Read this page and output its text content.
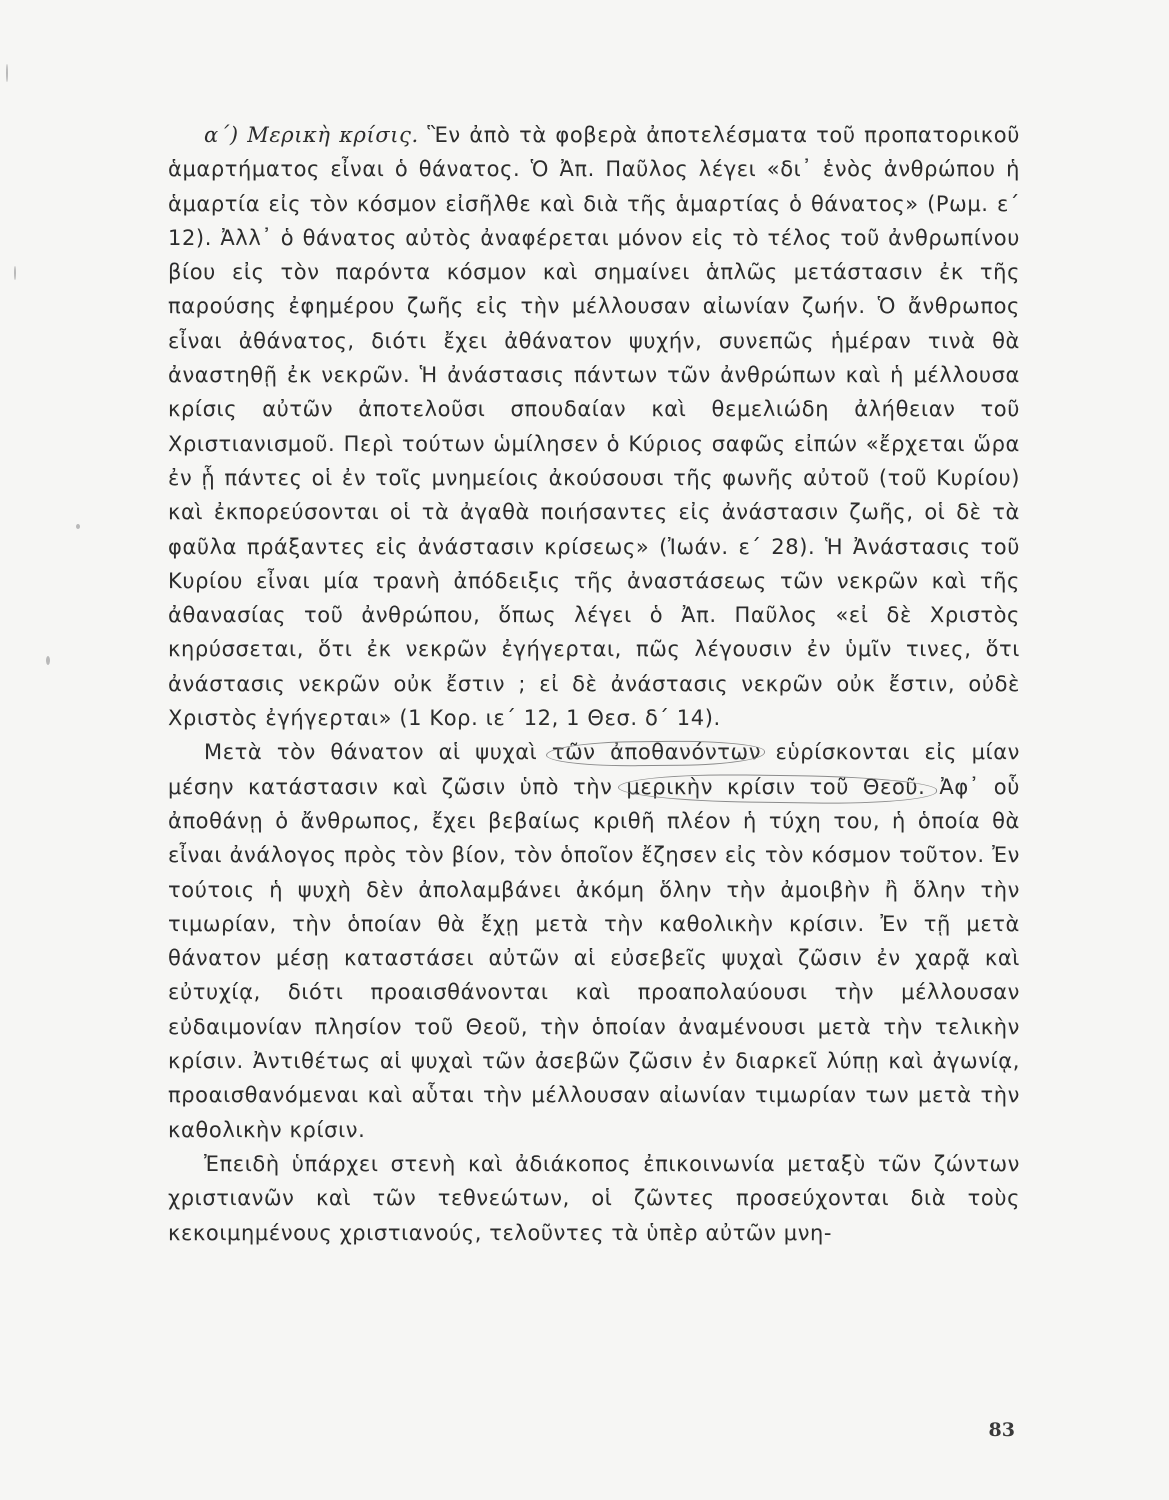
α΄) Μερικὴ κρίσις. Ἓν ἀπὸ τὰ φοβερὰ ἀποτελέσματα τοῦ προπατορικοῦ ἁμαρτήματος εἶναι ὁ θάνατος. Ὁ Ἀπ. Παῦλος λέγει «δι᾿ ἑνὸς ἀνθρώπου ἡ ἁμαρτία εἰς τὸν κόσμον εἰσῆλθε καὶ διὰ τῆς ἁμαρτίας ὁ θάνατος» (Ρωμ. ε΄ 12). Ἀλλ᾿ ὁ θάνατος αὐτὸς ἀναφέρεται μόνον εἰς τὸ τέλος τοῦ ἀνθρωπίνου βίου εἰς τὸν παρόντα κόσμον καὶ σημαίνει ἁπλῶς μετάστασιν ἐκ τῆς παρούσης ἐφημέρου ζωῆς εἰς τὴν μέλλουσαν αἰωνίαν ζωήν. Ὁ ἄνθρωπος εἶναι ἀθάνατος, διότι ἔχει ἀθάνατον ψυχήν, συνεπῶς ἡμέραν τινὰ θὰ ἀναστηθῇ ἐκ νεκρῶν. Ἡ ἀνάστασις πάντων τῶν ἀνθρώπων καὶ ἡ μέλλουσα κρίσις αὐτῶν ἀποτελοῦσι σπουδαίαν καὶ θεμελιώδη ἀλήθειαν τοῦ Χριστιανισμοῦ. Περὶ τούτων ὡμίλησεν ὁ Κύριος σαφῶς εἰπών «ἔρχεται ὥρα ἐν ᾗ πάντες οἱ ἐν τοῖς μνημείοις ἀκούσουσι τῆς φωνῆς αὐτοῦ (τοῦ Κυρίου) καὶ ἐκπορεύσονται οἱ τὰ ἀγαθὰ ποιήσαντες εἰς ἀνάστασιν ζωῆς, οἱ δὲ τὰ φαῦλα πράξαντες εἰς ἀνάστασιν κρίσεως» (Ἰωάν. ε΄ 28). Ἡ Ἀνάστασις τοῦ Κυρίου εἶναι μία τρανὴ ἀπόδειξις τῆς ἀναστάσεως τῶν νεκρῶν καὶ τῆς ἀθανασίας τοῦ ἀνθρώπου, ὅπως λέγει ὁ Ἀπ. Παῦλος «εἰ δὲ Χριστὸς κηρύσσεται, ὅτι ἐκ νεκρῶν ἐγήγερται, πῶς λέγουσιν ἐν ὑμῖν τινες, ὅτι ἀνάστασις νεκρῶν οὐκ ἔστιν ; εἰ δὲ ἀνάστασις νεκρῶν οὐκ ἔστιν, οὐδὲ Χριστὸς ἐγήγερται» (1 Κορ. ιε΄ 12, 1 Θεσ. δ΄ 14).

Μετὰ τὸν θάνατον αἱ ψυχαὶ τῶν ἀποθανόντων
εὑρίσκονται εἰς μίαν μέσην κατάστασιν καὶ ζῶσιν ὑπὸ τὴν μερικὴν κρίσιν τοῦ Θεοῦ.
Ἀφ᾿ οὗ ἀποθάνῃ ὁ ἄνθρωπος, ἔχει βεβαίως κριθῆ πλέον ἡ τύχη του, ἡ ὁποία θὰ εἶναι ἀνάλογος πρὸς τὸν βίον, τὸν ὁποῖον ἔζησεν εἰς τὸν κόσμον τοῦτον. Ἐν τούτοις ἡ ψυχὴ δὲν ἀπολαμβάνει ἀκόμη ὅλην τὴν ἀμοιβὴν ἢ ὅλην τὴν τιμωρίαν, τὴν ὁποίαν θὰ ἔχῃ μετὰ τὴν καθολικὴν κρίσιν. Ἐν τῇ μετὰ θάνατον μέσῃ καταστάσει αὐτῶν αἱ εὐσεβεῖς ψυχαὶ ζῶσιν ἐν χαρᾷ καὶ εὐτυχίᾳ, διότι προαισθάνονται καὶ προαπολαύουσι τὴν μέλλουσαν εὐδαιμονίαν πλησίον τοῦ Θεοῦ, τὴν ὁποίαν ἀναμένουσι μετὰ τὴν τελικὴν κρίσιν. Ἀντιθέτως αἱ ψυχαὶ τῶν ἀσεβῶν ζῶσιν ἐν διαρκεῖ λύπῃ καὶ ἀγωνίᾳ, προαισθανόμεναι καὶ αὗται τὴν μέλλουσαν αἰωνίαν τιμωρίαν των μετὰ τὴν καθολικὴν κρίσιν.

Ἐπειδὴ ὑπάρχει στενὴ καὶ ἀδιάκοπος ἐπικοινωνία μεταξὺ τῶν ζώντων χριστιανῶν καὶ τῶν τεθνεώτων, οἱ ζῶντες προσεύχονται διὰ τοὺς κεκοιμημένους χριστιανούς, τελοῦντες τὰ ὑπὲρ αὐτῶν μνη-

83
